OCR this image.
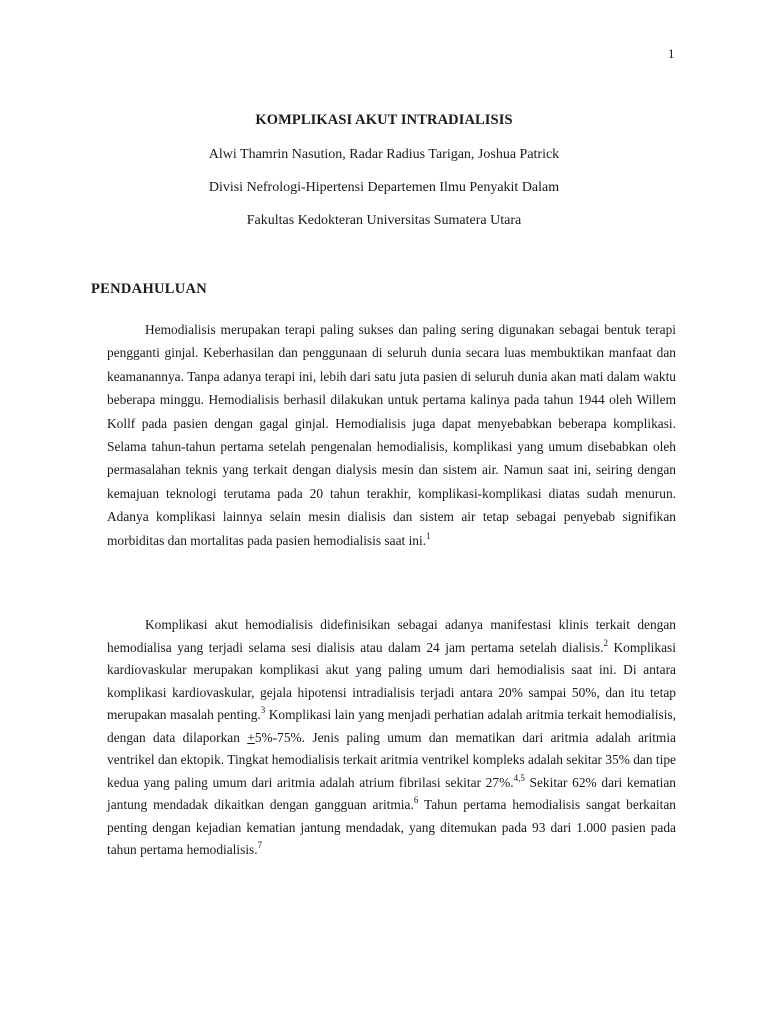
1

KOMPLIKASI AKUT INTRADIALISIS

Alwi Thamrin Nasution, Radar Radius Tarigan, Joshua Patrick
Divisi Nefrologi-Hipertensi Departemen Ilmu Penyakit Dalam
Fakultas Kedokteran Universitas Sumatera Utara
PENDAHULUAN

Hemodialisis merupakan terapi paling sukses dan paling sering digunakan sebagai bentuk terapi pengganti ginjal. Keberhasilan dan penggunaan di seluruh dunia secara luas membuktikan manfaat dan keamanannya. Tanpa adanya terapi ini, lebih dari satu juta pasien di seluruh dunia akan mati dalam waktu beberapa minggu. Hemodialisis berhasil dilakukan untuk pertama kalinya pada tahun 1944 oleh Willem Kollf pada pasien dengan gagal ginjal. Hemodialisis juga dapat menyebabkan beberapa komplikasi. Selama tahun-tahun pertama setelah pengenalan hemodialisis, komplikasi yang umum disebabkan oleh permasalahan teknis yang terkait dengan dialysis mesin dan sistem air. Namun saat ini, seiring dengan kemajuan teknologi terutama pada 20 tahun terakhir, komplikasi-komplikasi diatas sudah menurun. Adanya komplikasi lainnya selain mesin dialisis dan sistem air tetap sebagai penyebab signifikan morbiditas dan mortalitas pada pasien hemodialisis saat ini.$^1$

Komplikasi akut hemodialisis didefinisikan sebagai adanya manifestasi klinis terkait dengan hemodialisa yang terjadi selama sesi dialisis atau dalam 24 jam pertama setelah dialisis.$^2$ Komplikasi kardiovaskular merupakan komplikasi akut yang paling umum dari hemodialisis saat ini. Di antara komplikasi kardiovaskular, gejala hipotensi intradialisis terjadi antara 20% sampai 50%, dan itu tetap merupakan masalah penting.$^3$ Komplikasi lain yang menjadi perhatian adalah aritmia terkait hemodialisis, dengan data dilaporkan +5%-75%. Jenis paling umum dan mematikan dari aritmia adalah aritmia ventrikel dan ektopik. Tingkat hemodialisis terkait aritmia ventrikel kompleks adalah sekitar 35% dan tipe kedua yang paling umum dari aritmia adalah atrium fibrilasi sekitar 27%.$^{4,5}$ Sekitar 62% dari kematian jantung mendadak dikaitkan dengan gangguan aritmia.$^6$ Tahun pertama hemodialisis sangat berkaitan penting dengan kejadian kematian jantung mendadak, yang ditemukan pada 93 dari 1.000 pasien pada tahun pertama hemodialisis.$^7$
